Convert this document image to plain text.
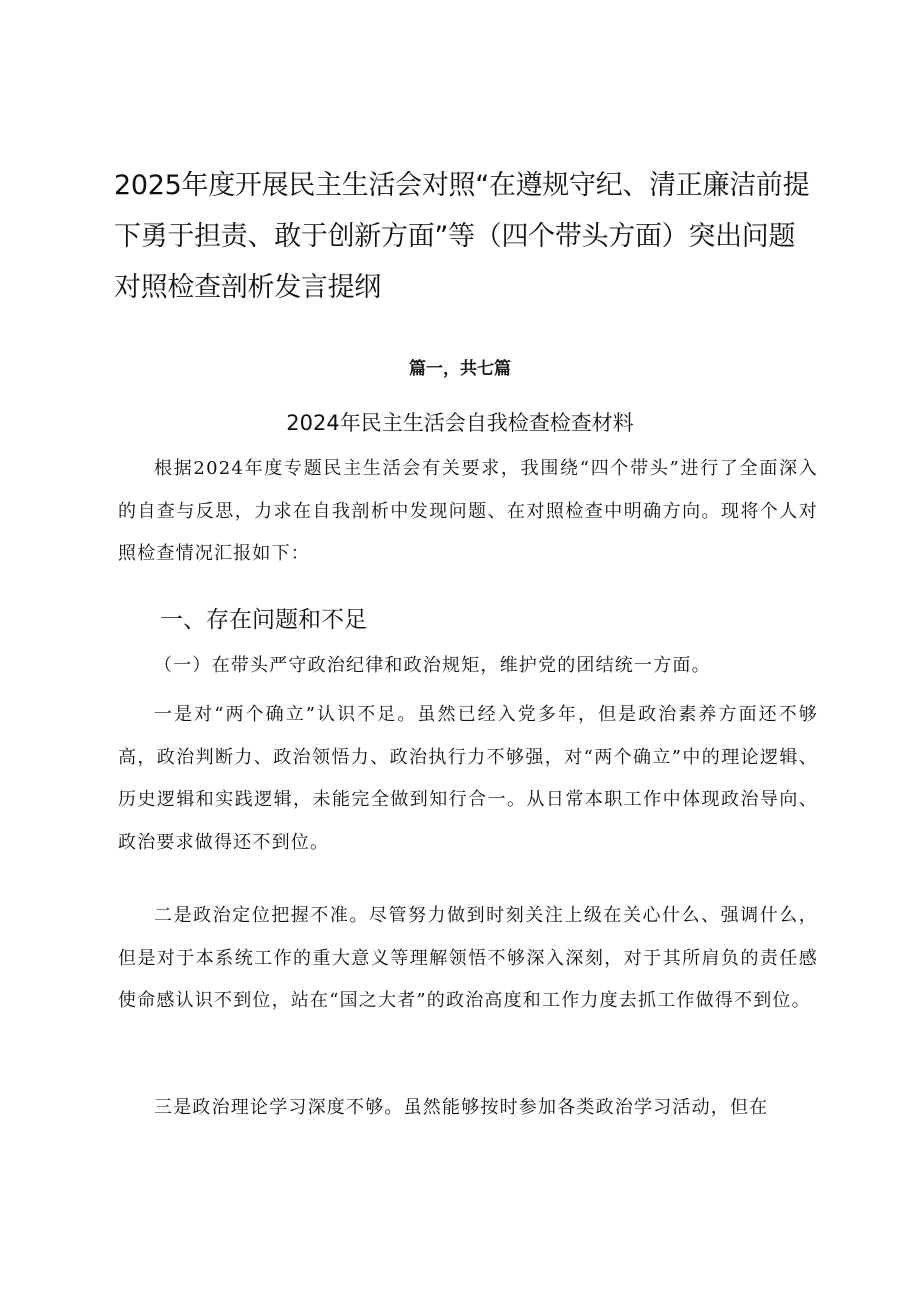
2025年度开展民主生活会对照“在遵规守纪、清正廉洁前提下勇于担责、敢于创新方面”等（四个带头方面）突出问题对照检查剖析发言提纲

篇一，共七篇

2024年民主生活会自我检查检查材料

根据2024年度专题民主生活会有关要求，我围绕“四个带头”进行了全面深入的自查与反思，力求在自我剖析中发现问题、在对照检查中明确方向。现将个人对照检查情况汇报如下：

一、存在问题和不足

（一）在带头严守政治纪律和政治规矩，维护党的团结统一方面。

一是对“两个确立”认识不足。虽然已经入党多年，但是政治素养方面还不够高，政治判断力、政治领悟力、政治执行力不够强，对“两个确立”中的理论逻辑、历史逻辑和实践逻辑，未能完全做到知行合一。从日常本职工作中体现政治导向、政治要求做得还不到位。

二是政治定位把握不准。尽管努力做到时刻关注上级在关心什么、强调什么，但是对于本系统工作的重大意义等理解领悟不够深入深刻，对于其所肩负的责任感使命感认识不到位，站在“国之大者”的政治高度和工作力度去抓工作做得不到位。

三是政治理论学习深度不够。虽然能够按时参加各类政治学习活动，但在
